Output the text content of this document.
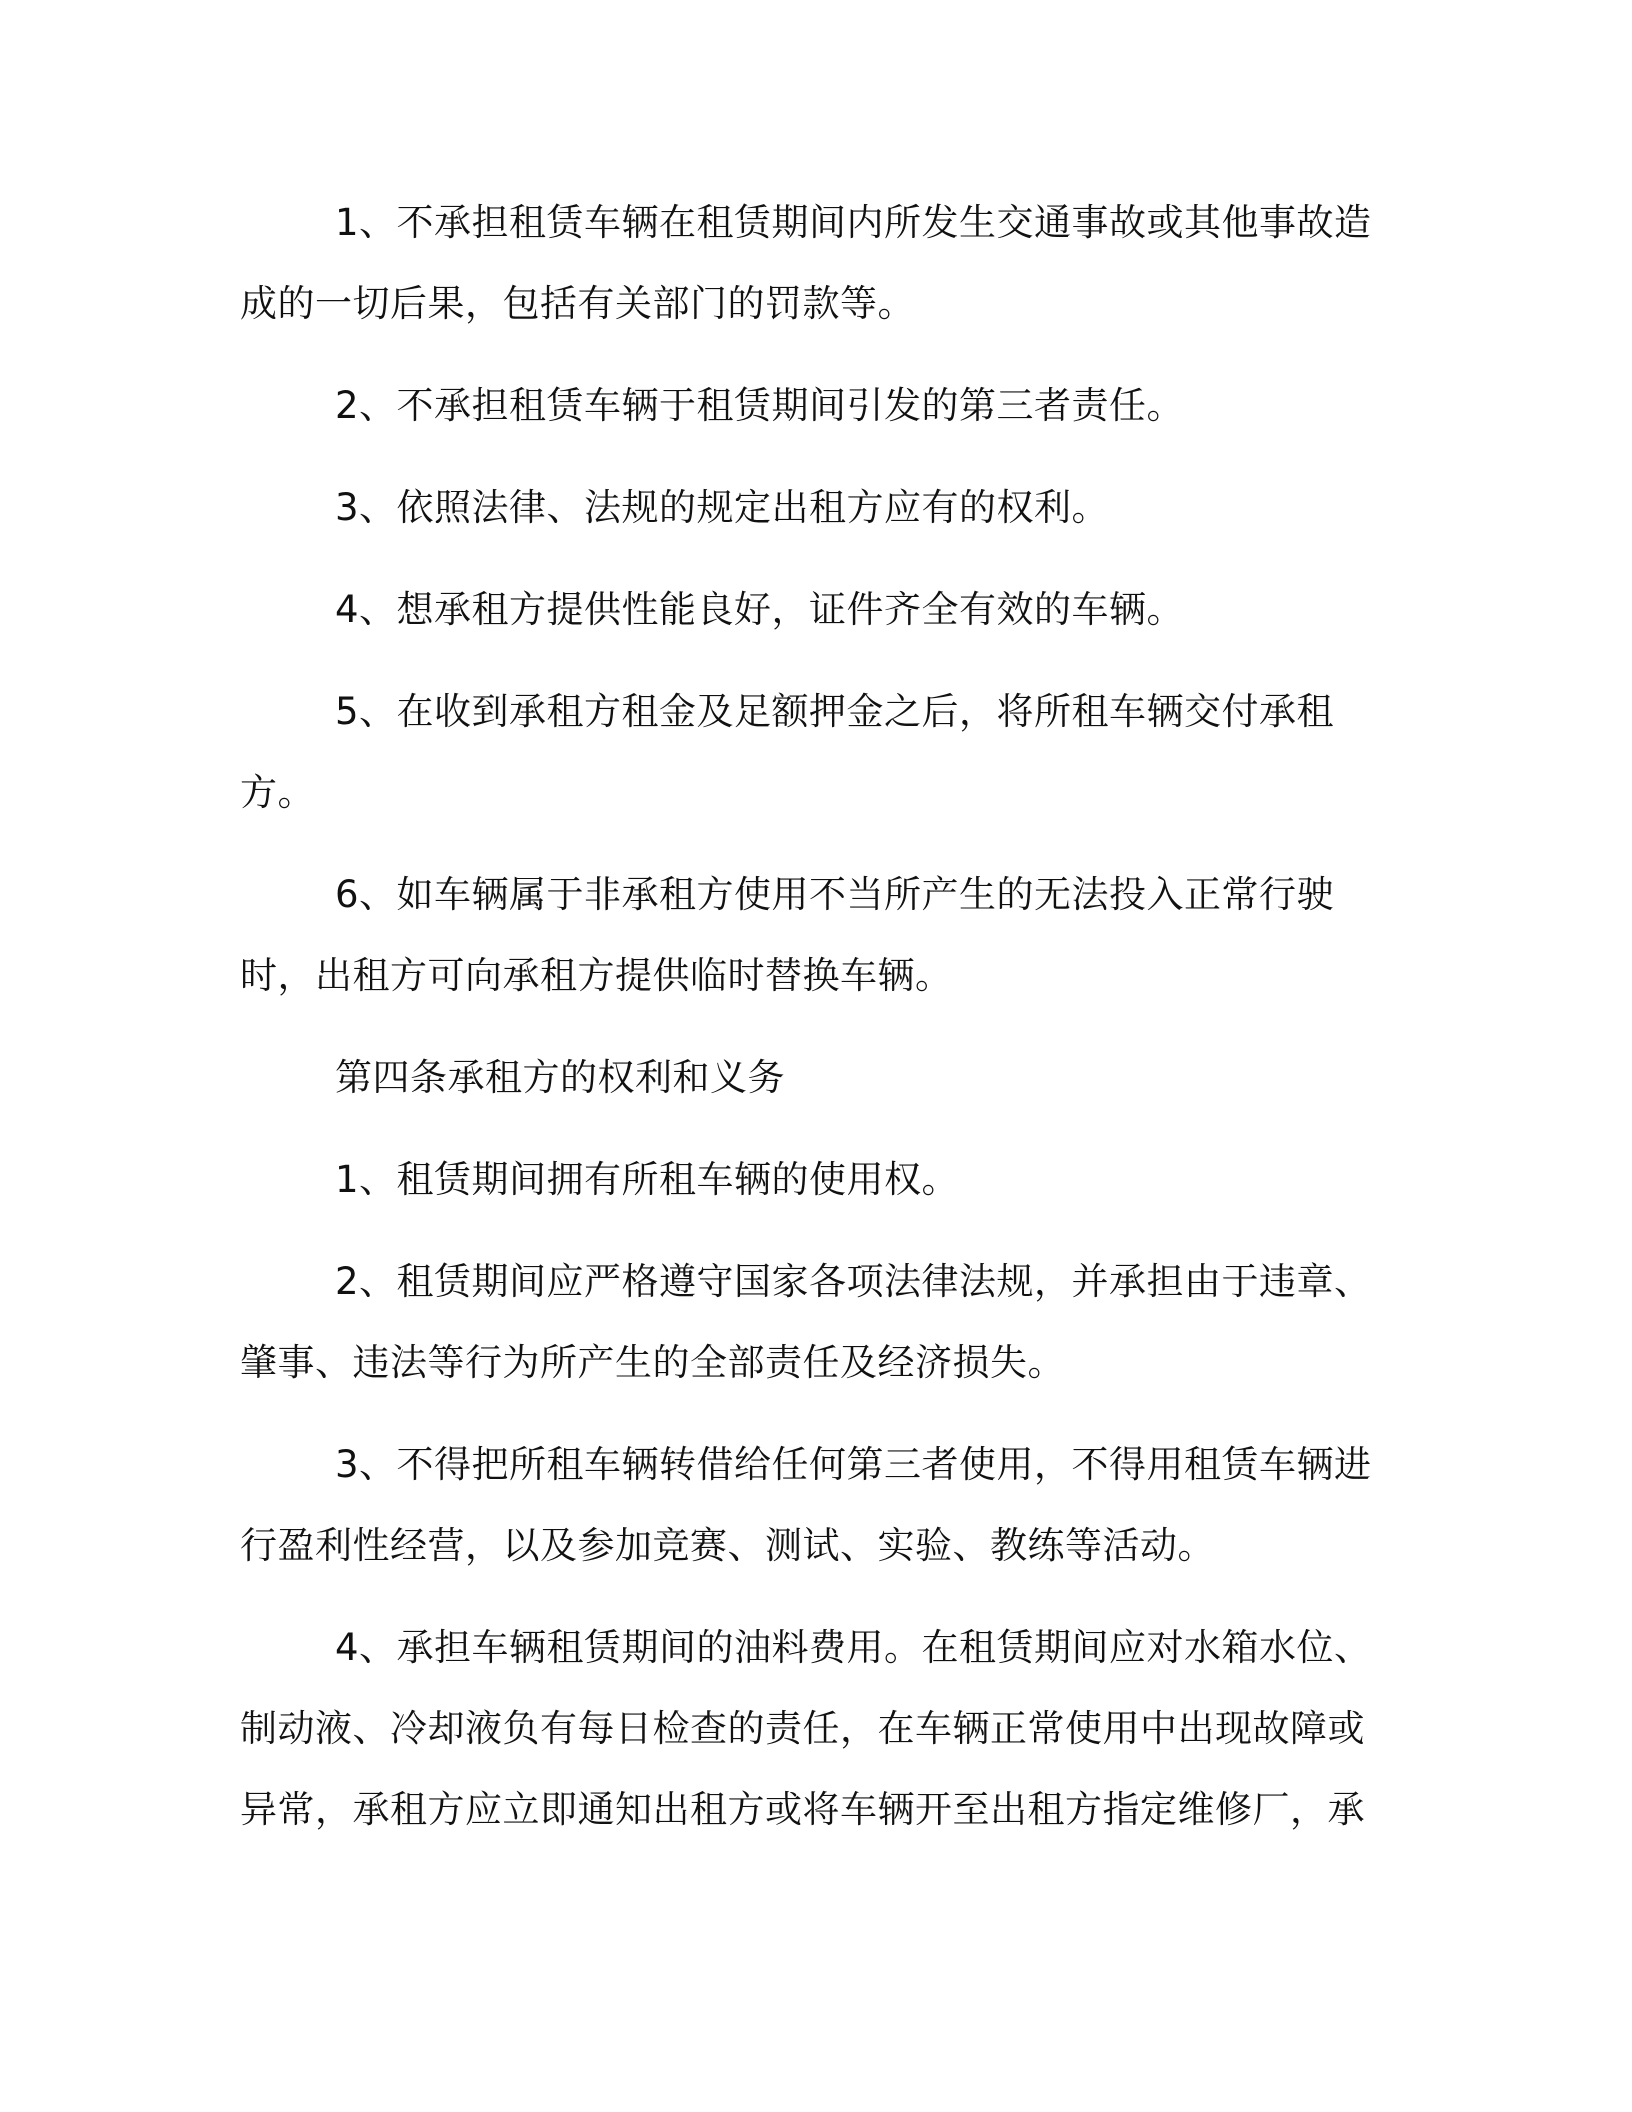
1、不承担租赁车辆在租赁期间内所发生交通事故或其他事故造成的一切后果，包括有关部门的罚款等。

2、不承担租赁车辆于租赁期间引发的第三者责任。

3、依照法律、法规的规定出租方应有的权利。

4、想承租方提供性能良好，证件齐全有效的车辆。

5、在收到承租方租金及足额押金之后，将所租车辆交付承租方。

6、如车辆属于非承租方使用不当所产生的无法投入正常行驶时，出租方可向承租方提供临时替换车辆。

第四条承租方的权利和义务

1、租赁期间拥有所租车辆的使用权。

2、租赁期间应严格遵守国家各项法律法规，并承担由于违章、肇事、违法等行为所产生的全部责任及经济损失。

3、不得把所租车辆转借给任何第三者使用，不得用租赁车辆进行盈利性经营，以及参加竞赛、测试、实验、教练等活动。

4、承担车辆租赁期间的油料费用。在租赁期间应对水箱水位、制动液、冷却液负有每日检查的责任，在车辆正常使用中出现故障或异常，承租方应立即通知出租方或将车辆开至出租方指定维修厂，承
